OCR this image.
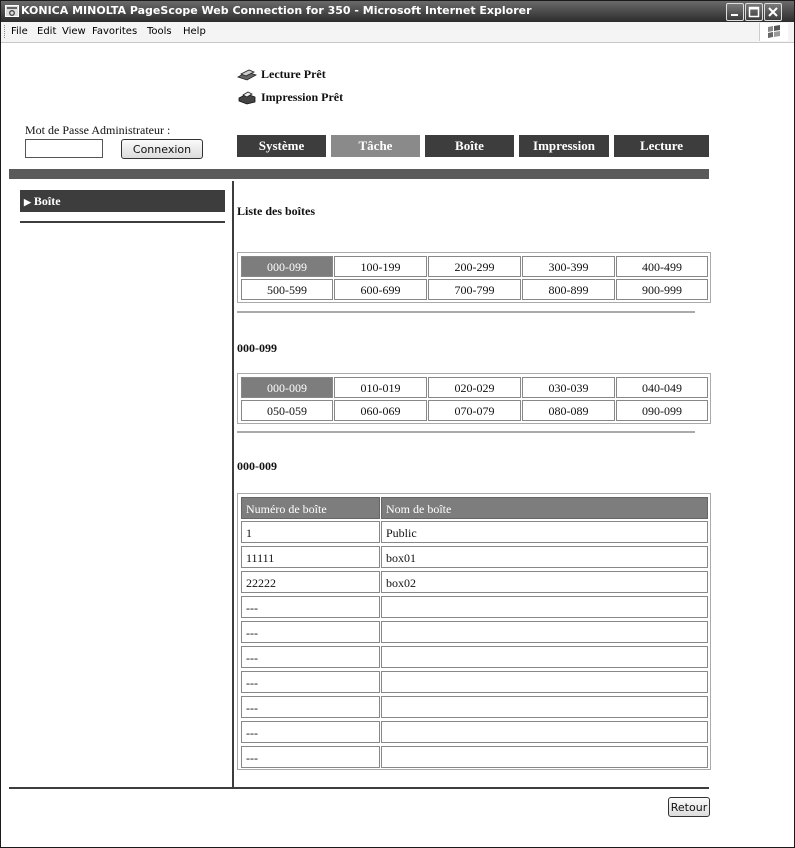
KONICA MINOLTA PageScope Web Connection for 350 - Microsoft Internet Explorer
File Edit View Favorites Tools Help
Lecture Prêt
Impression Prêt
Mot de Passe Administrateur :
Connexion	Système	Tâche	Boîte	Impression	Lecture
▶ Boîte
Liste des boîtes
000-099	100-199	200-299	300-399	400-499
500-599	600-699	700-799	800-899	900-999
000-099
000-009	010-019	020-029	030-039	040-049
050-059	060-069	070-079	080-089	090-099
000-009
Numéro de boîte	Nom de boîte
1	Public
11111	box01
22222	box02
---
---
---
---
---
---
---
Retour
